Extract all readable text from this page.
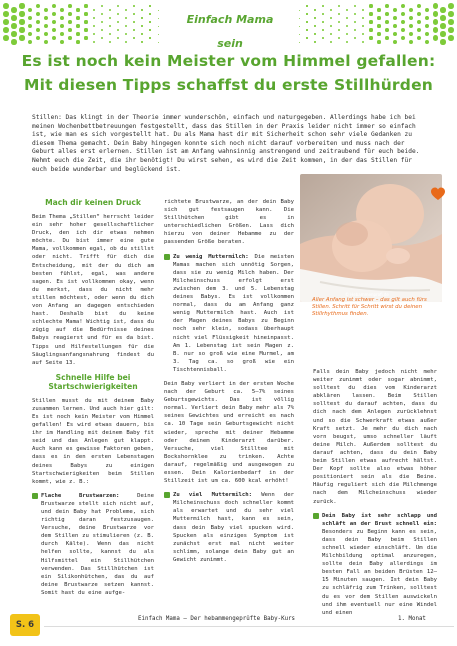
Einfach Mama sein
Es ist noch kein Meister vom Himmel gefallen:
Mit diesen Tipps schaffst du erste Stillhürden

Stillen: Das klingt in der Theorie immer wunderschön, einfach und naturgegeben. Allerdings habe ich bei meinen Wochenbettbetreuungen festgestellt, dass das Stillen in der Praxis leider nicht immer so einfach ist, wie man es sich vorgestellt hat. Du als Mama hast dir mit Sicherheit schon sehr viele Gedanken zu diesem Thema gemacht. Dein Baby hingegen konnte sich noch nicht darauf vorbereiten und muss nach der Geburt alles erst erlernen. Stillen ist am Anfang wahnsinnig anstrengend und zeitraubend für euch beide. Nehmt euch die Zeit, die ihr benötigt! Du wirst sehen, es wird die Zeit kommen, in der das Stillen für euch beide wunderbar und beglückend ist.

Mach dir keinen Druck

Beim Thema „Stillen“ herrscht leider ein sehr hoher gesellschaftlicher Druck, den ich dir etwas nehmen möchte. Du bist immer eine gute Mama, vollkommen egal, ob du stillst oder nicht. Trifft für dich die Entscheidung, mit der du dich am besten fühlst, egal, was andere sagen. Es ist vollkommen okay, wenn du merkst, dass du nicht mehr stillen möchtest, oder wenn du dich von Anfang an dagegen entschieden hast. Deshalb bist du keine schlechte Mama! Wichtig ist, dass du zügig auf die Bedürfnisse deines Babys reagierst und für es da bist. Tipps und Hilfestellungen für die Säuglingsanfangsnahrung findest du auf Seite 13.

Schnelle Hilfe bei Startschwierigkeiten

Stillen musst du mit deinem Baby zusammen lernen. Und auch hier gilt: Es ist noch kein Meister vom Himmel gefallen! Es wird etwas dauern, bis ihr im Handling mit deinem Baby fit seid und das Anlegen gut klappt. Auch kann es gewisse Faktoren geben, dass es in den ersten Lebenstagen deines Babys zu einigen Startschwierigkeiten beim Stillen kommt, wie z. B.:

Flache Brustwarzen: Deine Brustwarze stellt sich nicht auf, und dein Baby hat Probleme, sich richtig daran festzusaugen. Versuche, deine Brustwarze vor dem Stillen zu stimulieren (z. B. durch Kälte). Wenn das nicht helfen sollte, kannst du als Hilfsmittel ein Stillhütchen verwenden. Das Stillhütchen ist ein Silikonhütchen, das du auf deine Brustwarze setzen kannst. Somit hast du eine aufge-

richtete Brustwarze, an der dein Baby sich gut festsaugen kann. Die Stillhütchen gibt es in unterschiedlichen Größen. Lass dich hierzu von deiner Hebamme zu der passenden Größe beraten.

Zu wenig Muttermilch: Die meisten Mamas machen sich unnötig Sorgen, dass sie zu wenig Milch haben. Der Milcheinschuss erfolgt erst zwischen dem 3. und 5. Lebenstag deines Babys. Es ist vollkommen normal, dass du am Anfang ganz wenig Muttermilch hast. Auch ist der Magen deines Babys zu Beginn noch sehr klein, sodass überhaupt nicht viel Flüssigkeit hineinpasst. Am 1. Lebenstag ist sein Magen z. B. nur so groß wie eine Murmel, am 3. Tag ca. so groß wie ein Tischtennisball.

Dein Baby verliert in der ersten Woche nach der Geburt ca. 5–7% seines Geburtsgewichts. Das ist völlig normal. Verliert dein Baby mehr als 7% seines Gewichtes und erreicht es nach ca. 10 Tage sein Geburtsgewicht nicht wieder, spreche mit deiner Hebamme oder deinem Kinderarzt darüber. Versuche, viel Stilltee mit Bockshornklee zu trinken. Achte darauf, regelmäßig und ausgewogen zu essen. Dein Kalorienbedarf in der Stillzeit ist um ca. 600 kcal erhöht!

Zu viel Muttermilch: Wenn der Milcheinschuss doch schneller kommt als erwartet und du sehr viel Muttermilch hast, kann es sein, dass dein Baby viel spucken wird. Spucken als einziges Symptom ist zunächst erst mal nicht weiter schlimm, solange dein Baby gut an Gewicht zunimmt.
© Hebammenprofi.de
Aller Anfang ist schwer – das gilt auch fürs Stillen. Schritt für Schritt wirst du deinen Stillrhythmus finden.

Falls dein Baby jedoch nicht mehr weiter zunimmt oder sogar abnimmt, solltest du dies vom Kinderarzt abklären lassen. Beim Stillen solltest du darauf achten, dass du dich nach dem Anlegen zurücklehnst und so die Schwerkraft etwas außer Kraft setzt. Je mehr du dich nach vorn beugst, umso schneller läuft deine Milch. Außerdem solltest du darauf achten, dass du dein Baby beim Stillen etwas aufrecht hältst. Der Kopf sollte also etwas höher positioniert sein als die Beine. Häufig reguliert sich die Milchmenge nach dem Milcheinschuss wieder zurück.

Dein Baby ist sehr schlapp und schläft an der Brust schnell ein: Besonders zu Beginn kann es sein, dass dein Baby beim Stillen schnell wieder einschläft. Um die Milchbildung optimal anzuregen, sollte dein Baby allerdings im besten Fall an beiden Brüsten 12–15 Minuten saugen. Ist dein Baby zu schläfrig zum Trinken, solltest du es vor dem Stillen auswickeln und ihm eventuell nur eine Windel und einen
S. 6
Einfach Mama – Der hebammengeprüfte Baby-Kurs	1. Monat
